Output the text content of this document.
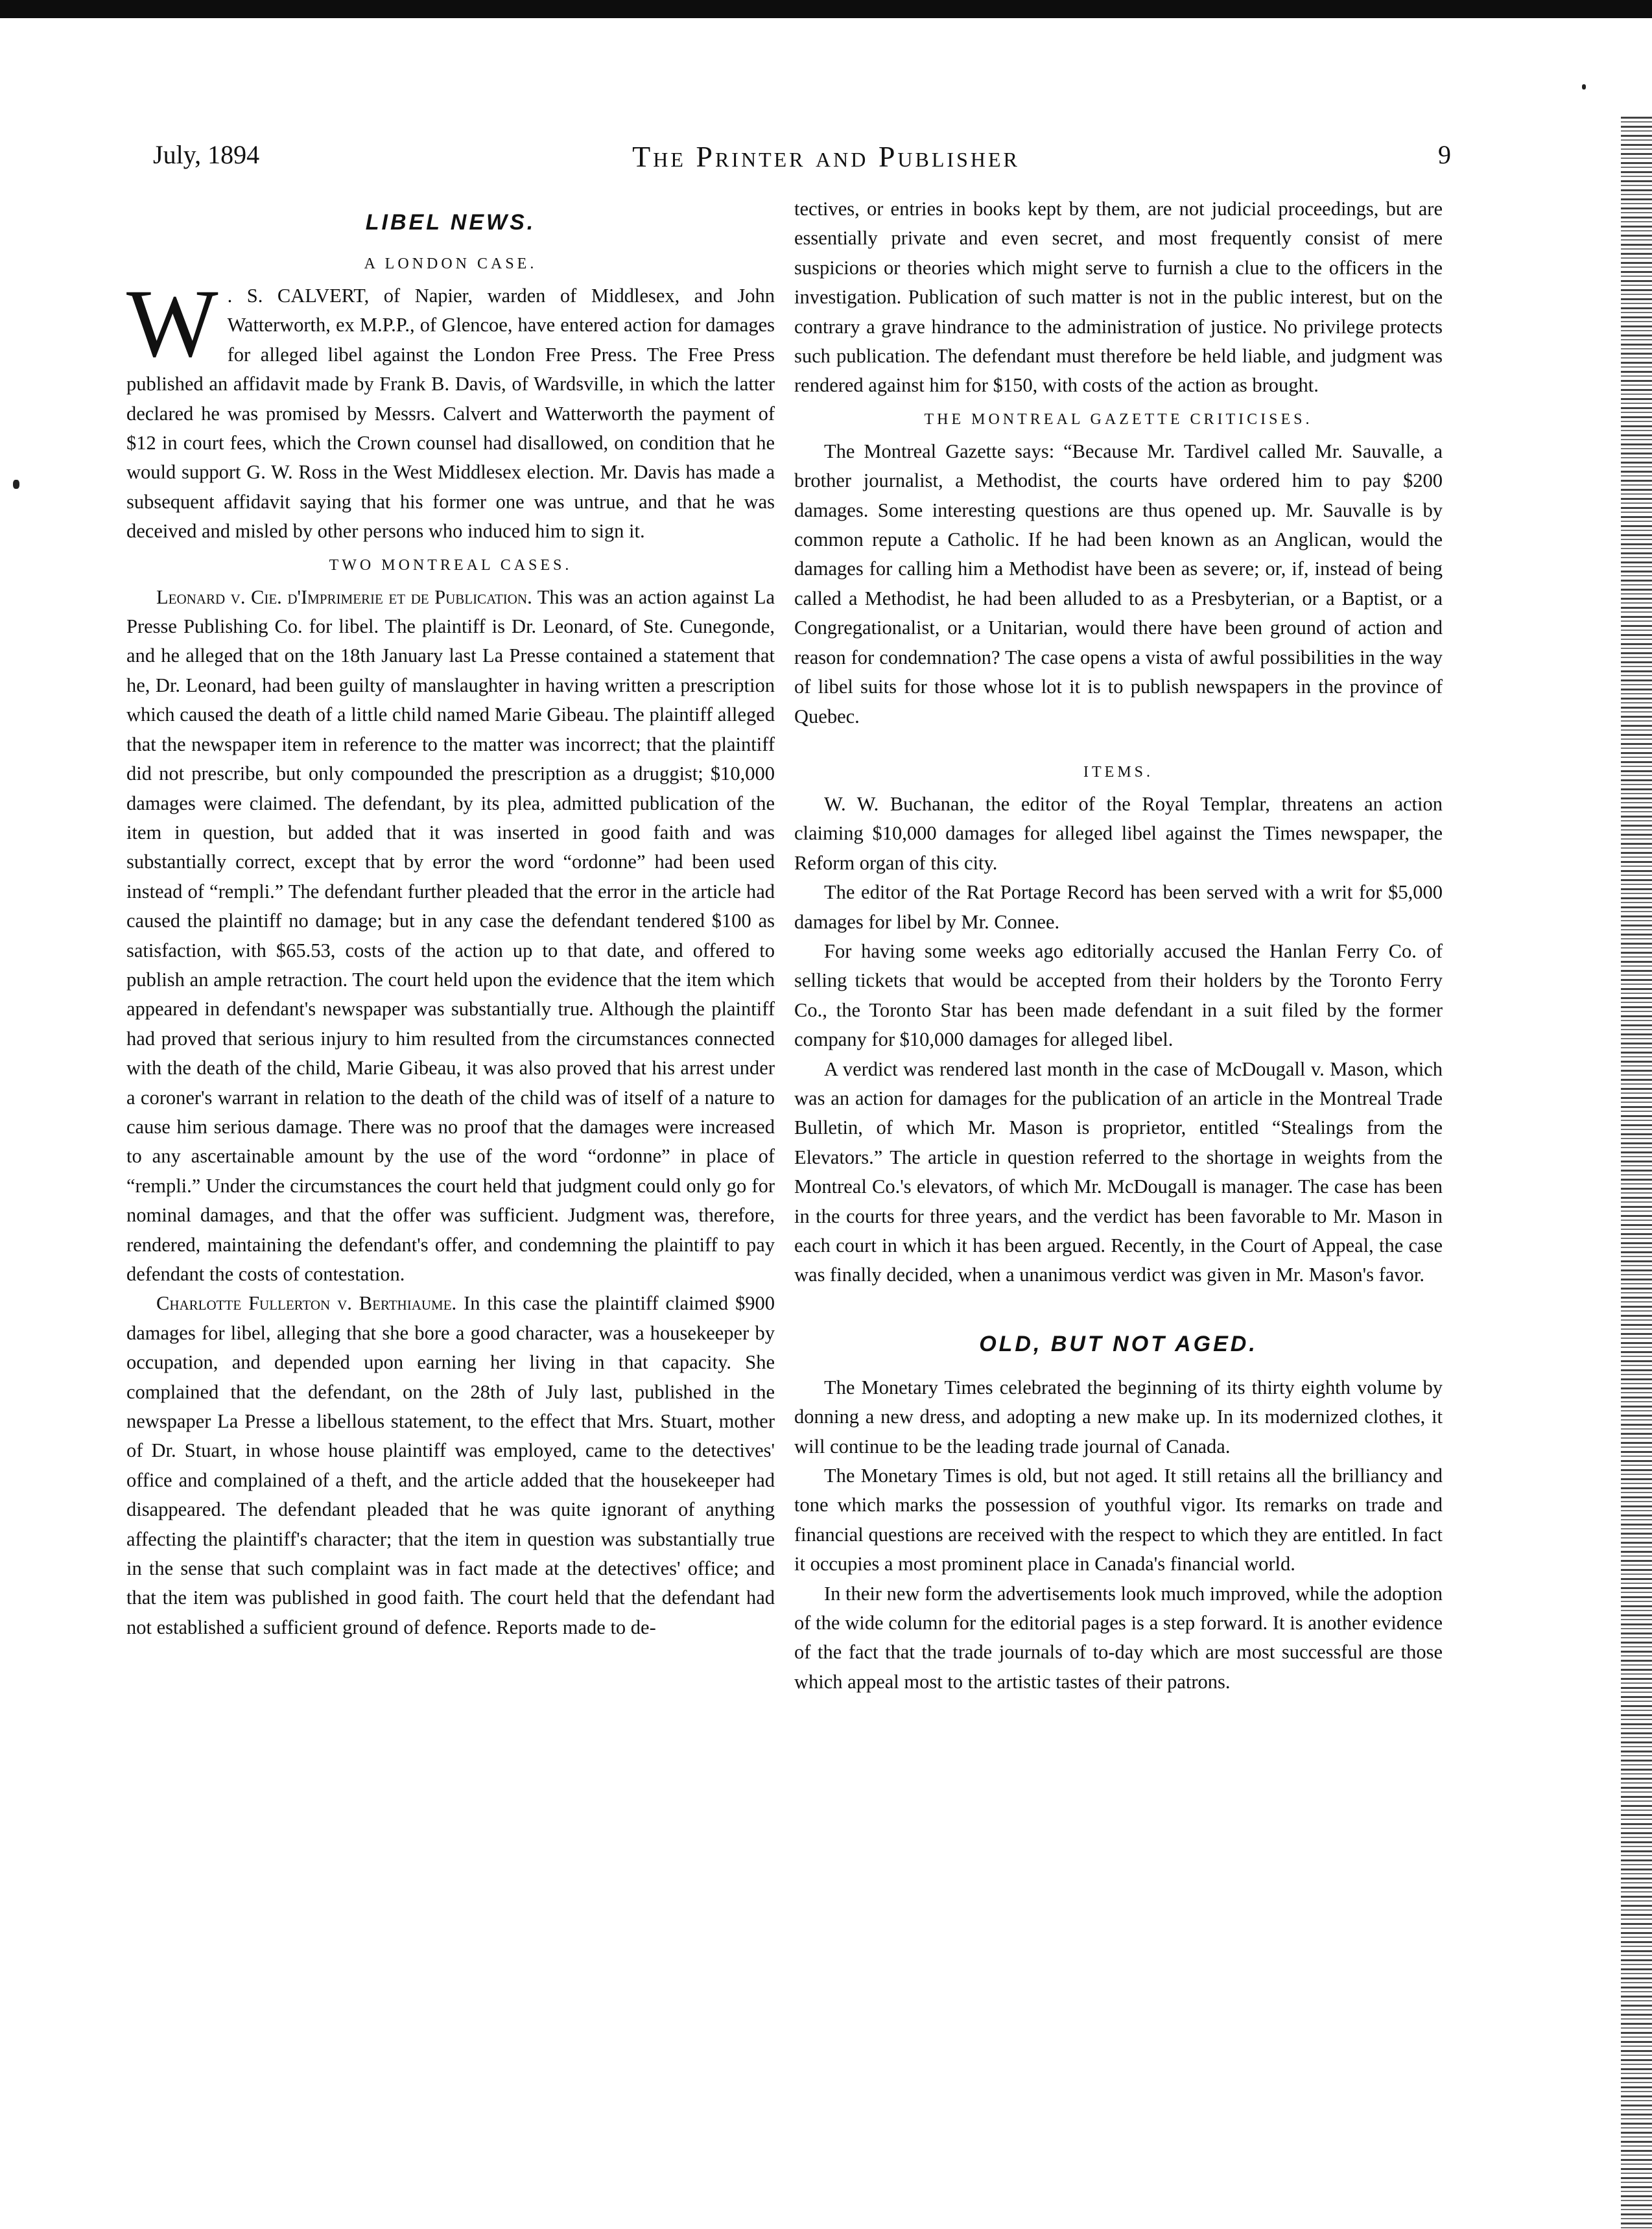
July, 1894	The Printer and Publisher	9
LIBEL NEWS.
A LONDON CASE.

W . S. CALVERT, of Napier, warden of Middlesex, and John Watterworth, ex M.P.P., of Glencoe, have entered action for damages for alleged libel against the London Free Press. The Free Press published an affidavit made by Frank B. Davis, of Wardsville, in which the latter declared he was promised by Messrs. Calvert and Watterworth the payment of $12 in court fees, which the Crown counsel had disallowed, on condition that he would support G. W. Ross in the West Middlesex election. Mr. Davis has made a subsequent affidavit saying that his former one was untrue, and that he was deceived and misled by other persons who induced him to sign it.

TWO MONTREAL CASES.

Leonard v. Cie. d'Imprimerie et de Publication. This was an action against La Presse Publishing Co. for libel. The plaintiff is Dr. Leonard, of Ste. Cunegonde, and he alleged that on the 18th January last La Presse contained a statement that he, Dr. Leonard, had been guilty of manslaughter in having written a prescription which caused the death of a little child named Marie Gibeau. The plaintiff alleged that the newspaper item in reference to the matter was incorrect; that the plaintiff did not prescribe, but only compounded the prescription as a druggist; $10,000 damages were claimed. The defendant, by its plea, admitted publication of the item in question, but added that it was inserted in good faith and was substantially correct, except that by error the word “ordonne” had been used instead of “rempli.” The defendant further pleaded that the error in the article had caused the plaintiff no damage; but in any case the defendant tendered $100 as satisfaction, with $65.53, costs of the action up to that date, and offered to publish an ample retraction. The court held upon the evidence that the item which appeared in defendant's newspaper was substantially true. Although the plaintiff had proved that serious injury to him resulted from the circumstances connected with the death of the child, Marie Gibeau, it was also proved that his arrest under a coroner's warrant in relation to the death of the child was of itself of a nature to cause him serious damage. There was no proof that the damages were increased to any ascertainable amount by the use of the word “ordonne” in place of “rempli.” Under the circumstances the court held that judgment could only go for nominal damages, and that the offer was sufficient. Judgment was, therefore, rendered, maintaining the defendant's offer, and condemning the plaintiff to pay defendant the costs of contestation.

Charlotte Fullerton v. Berthiaume. In this case the plaintiff claimed $900 damages for libel, alleging that she bore a good character, was a housekeeper by occupation, and depended upon earning her living in that capacity. She complained that the defendant, on the 28th of July last, published in the newspaper La Presse a libellous statement, to the effect that Mrs. Stuart, mother of Dr. Stuart, in whose house plaintiff was employed, came to the detectives' office and complained of a theft, and the article added that the housekeeper had disappeared. The defendant pleaded that he was quite ignorant of anything affecting the plaintiff's character; that the item in question was substantially true in the sense that such complaint was in fact made at the detectives' office; and that the item was published in good faith. The court held that the defendant had not established a sufficient ground of defence. Reports made to de-

tectives, or entries in books kept by them, are not judicial proceedings, but are essentially private and even secret, and most frequently consist of mere suspicions or theories which might serve to furnish a clue to the officers in the investigation. Publication of such matter is not in the public interest, but on the contrary a grave hindrance to the administration of justice. No privilege protects such publication. The defendant must therefore be held liable, and judgment was rendered against him for $150, with costs of the action as brought.

THE MONTREAL GAZETTE CRITICISES.

The Montreal Gazette says: “Because Mr. Tardivel called Mr. Sauvalle, a brother journalist, a Methodist, the courts have ordered him to pay $200 damages. Some interesting questions are thus opened up. Mr. Sauvalle is by common repute a Catholic. If he had been known as an Anglican, would the damages for calling him a Methodist have been as severe; or, if, instead of being called a Methodist, he had been alluded to as a Presbyterian, or a Baptist, or a Congregationalist, or a Unitarian, would there have been ground of action and reason for condemnation? The case opens a vista of awful possibilities in the way of libel suits for those whose lot it is to publish newspapers in the province of Quebec.

ITEMS.

W. W. Buchanan, the editor of the Royal Templar, threatens an action claiming $10,000 damages for alleged libel against the Times newspaper, the Reform organ of this city.

The editor of the Rat Portage Record has been served with a writ for $5,000 damages for libel by Mr. Connee.

For having some weeks ago editorially accused the Hanlan Ferry Co. of selling tickets that would be accepted from their holders by the Toronto Ferry Co., the Toronto Star has been made defendant in a suit filed by the former company for $10,000 damages for alleged libel.

A verdict was rendered last month in the case of McDougall v. Mason, which was an action for damages for the publication of an article in the Montreal Trade Bulletin, of which Mr. Mason is proprietor, entitled “Stealings from the Elevators.” The article in question referred to the shortage in weights from the Montreal Co.'s elevators, of which Mr. McDougall is manager. The case has been in the courts for three years, and the verdict has been favorable to Mr. Mason in each court in which it has been argued. Recently, in the Court of Appeal, the case was finally decided, when a unanimous verdict was given in Mr. Mason's favor.

OLD, BUT NOT AGED.

The Monetary Times celebrated the beginning of its thirty eighth volume by donning a new dress, and adopting a new make up. In its modernized clothes, it will continue to be the leading trade journal of Canada.

The Monetary Times is old, but not aged. It still retains all the brilliancy and tone which marks the possession of youthful vigor. Its remarks on trade and financial questions are received with the respect to which they are entitled. In fact it occupies a most prominent place in Canada's financial world.

In their new form the advertisements look much improved, while the adoption of the wide column for the editorial pages is a step forward. It is another evidence of the fact that the trade journals of to-day which are most successful are those which appeal most to the artistic tastes of their patrons.
